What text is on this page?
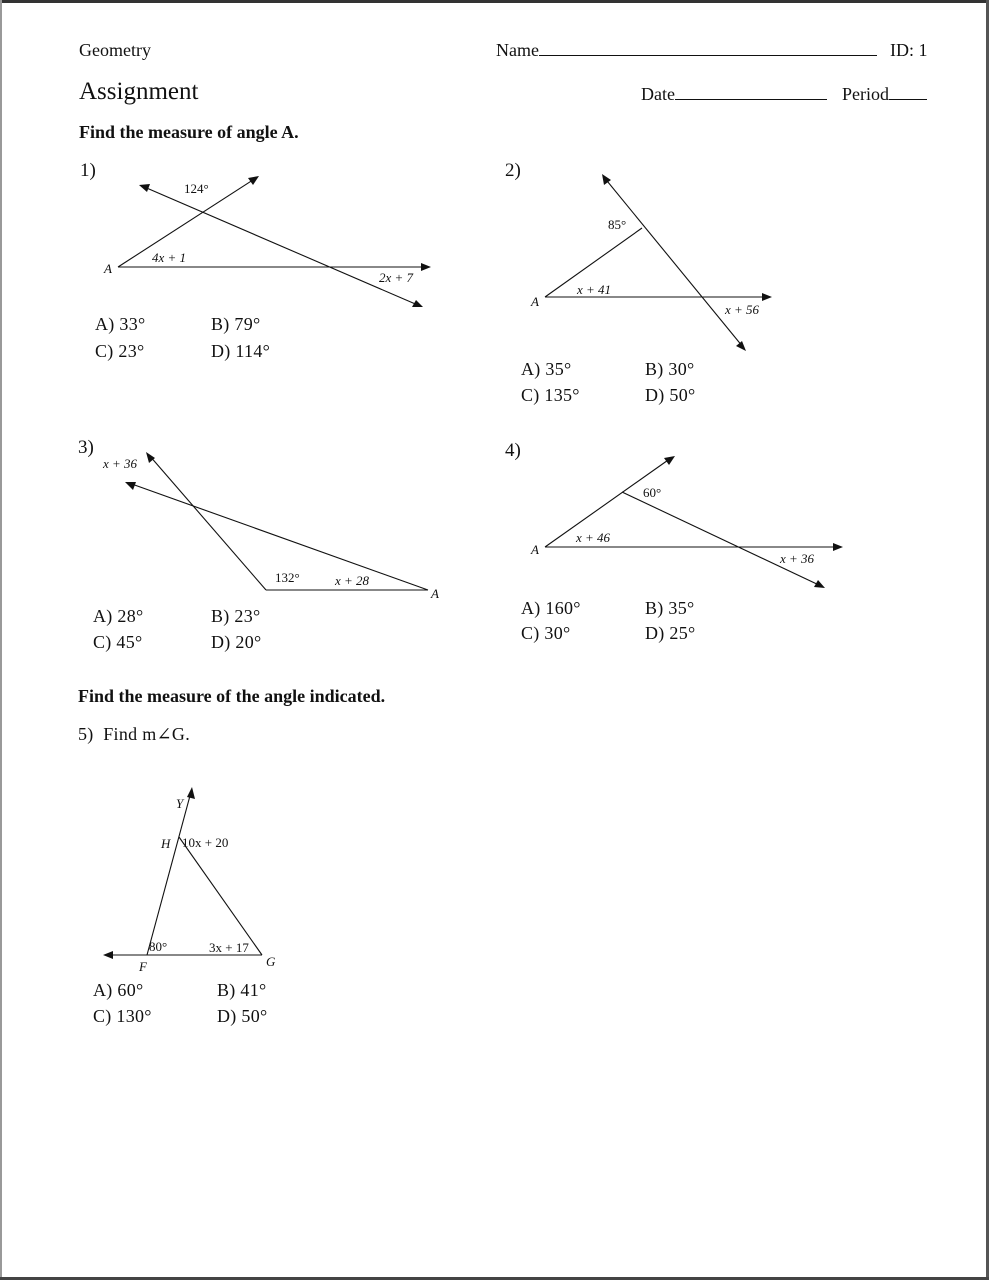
Geometry	Name	ID: 1
Assignment	Date	Period
Find the measure of angle A.
1)	2)
3)	4)
A) 33°	B) 79°
C) 23°	D) 114°
A) 35°	B) 30°
C) 135°	D) 50°
A) 28°	B) 23°
C) 45°	D) 20°
A) 160°	B) 35°
C) 30°	D) 25°
Find the measure of the angle indicated.
5) Find m∠G.
A) 60°	B) 41°
C) 130°	D) 50°
A
124°
4x + 1
2x + 7
A
85°
x + 41
x + 56
x + 36
132°	x + 28
A
A
60°
x + 46
x + 36
Y
H 10x + 20
80°	3x + 17
F	G
